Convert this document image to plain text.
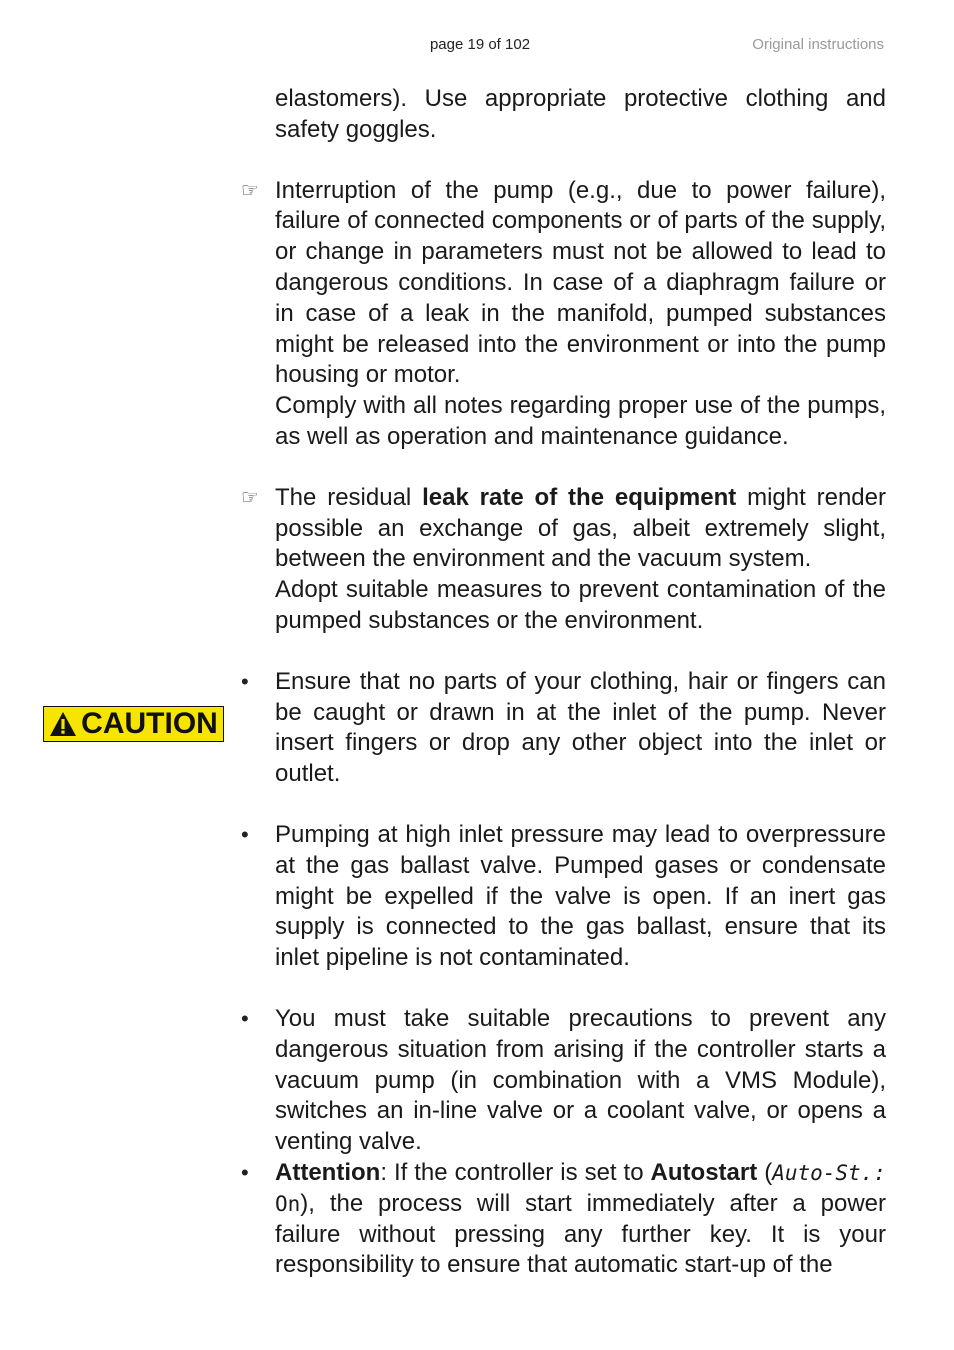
page 19 of 102	Original instructions
CAUTION

elastomers). Use appropriate protective clothing and safety goggles.

☞ Interruption of the pump (e.g., due to power failure), failure of connected components or of parts of the supply, or change in parameters must not be allowed to lead to dangerous conditions. In case of a diaphragm failure or in case of a leak in the manifold, pumped substances might be released into the environment or into the pump housing or motor.

Comply with all notes regarding proper use of the pumps, as well as operation and maintenance guidance.

☞ The residual leak rate of the equipment might render possible an exchange of gas, albeit extremely slight, between the environment and the vacuum system.

Adopt suitable measures to prevent contamination of the pumped substances or the environment.

•	Ensure that no parts of your clothing, hair or fingers can be caught or drawn in at the inlet of the pump. Never insert fingers or drop any other object into the inlet or outlet.

•	Pumping at high inlet pressure may lead to overpressure at the gas ballast valve. Pumped gases or condensate might be expelled if the valve is open. If an inert gas supply is connected to the gas ballast, ensure that its inlet pipeline is not contaminated.

•	You must take suitable precautions to prevent any dangerous situation from arising if the controller starts a vacuum pump (in combination with a VMS Module), switches an in-line valve or a coolant valve, or opens a venting valve.

•	Attention: If the controller is set to Autostart (Auto-St.: On), the process will start immediately after a power failure without pressing any further key. It is your responsibility to ensure that automatic start-up of the
